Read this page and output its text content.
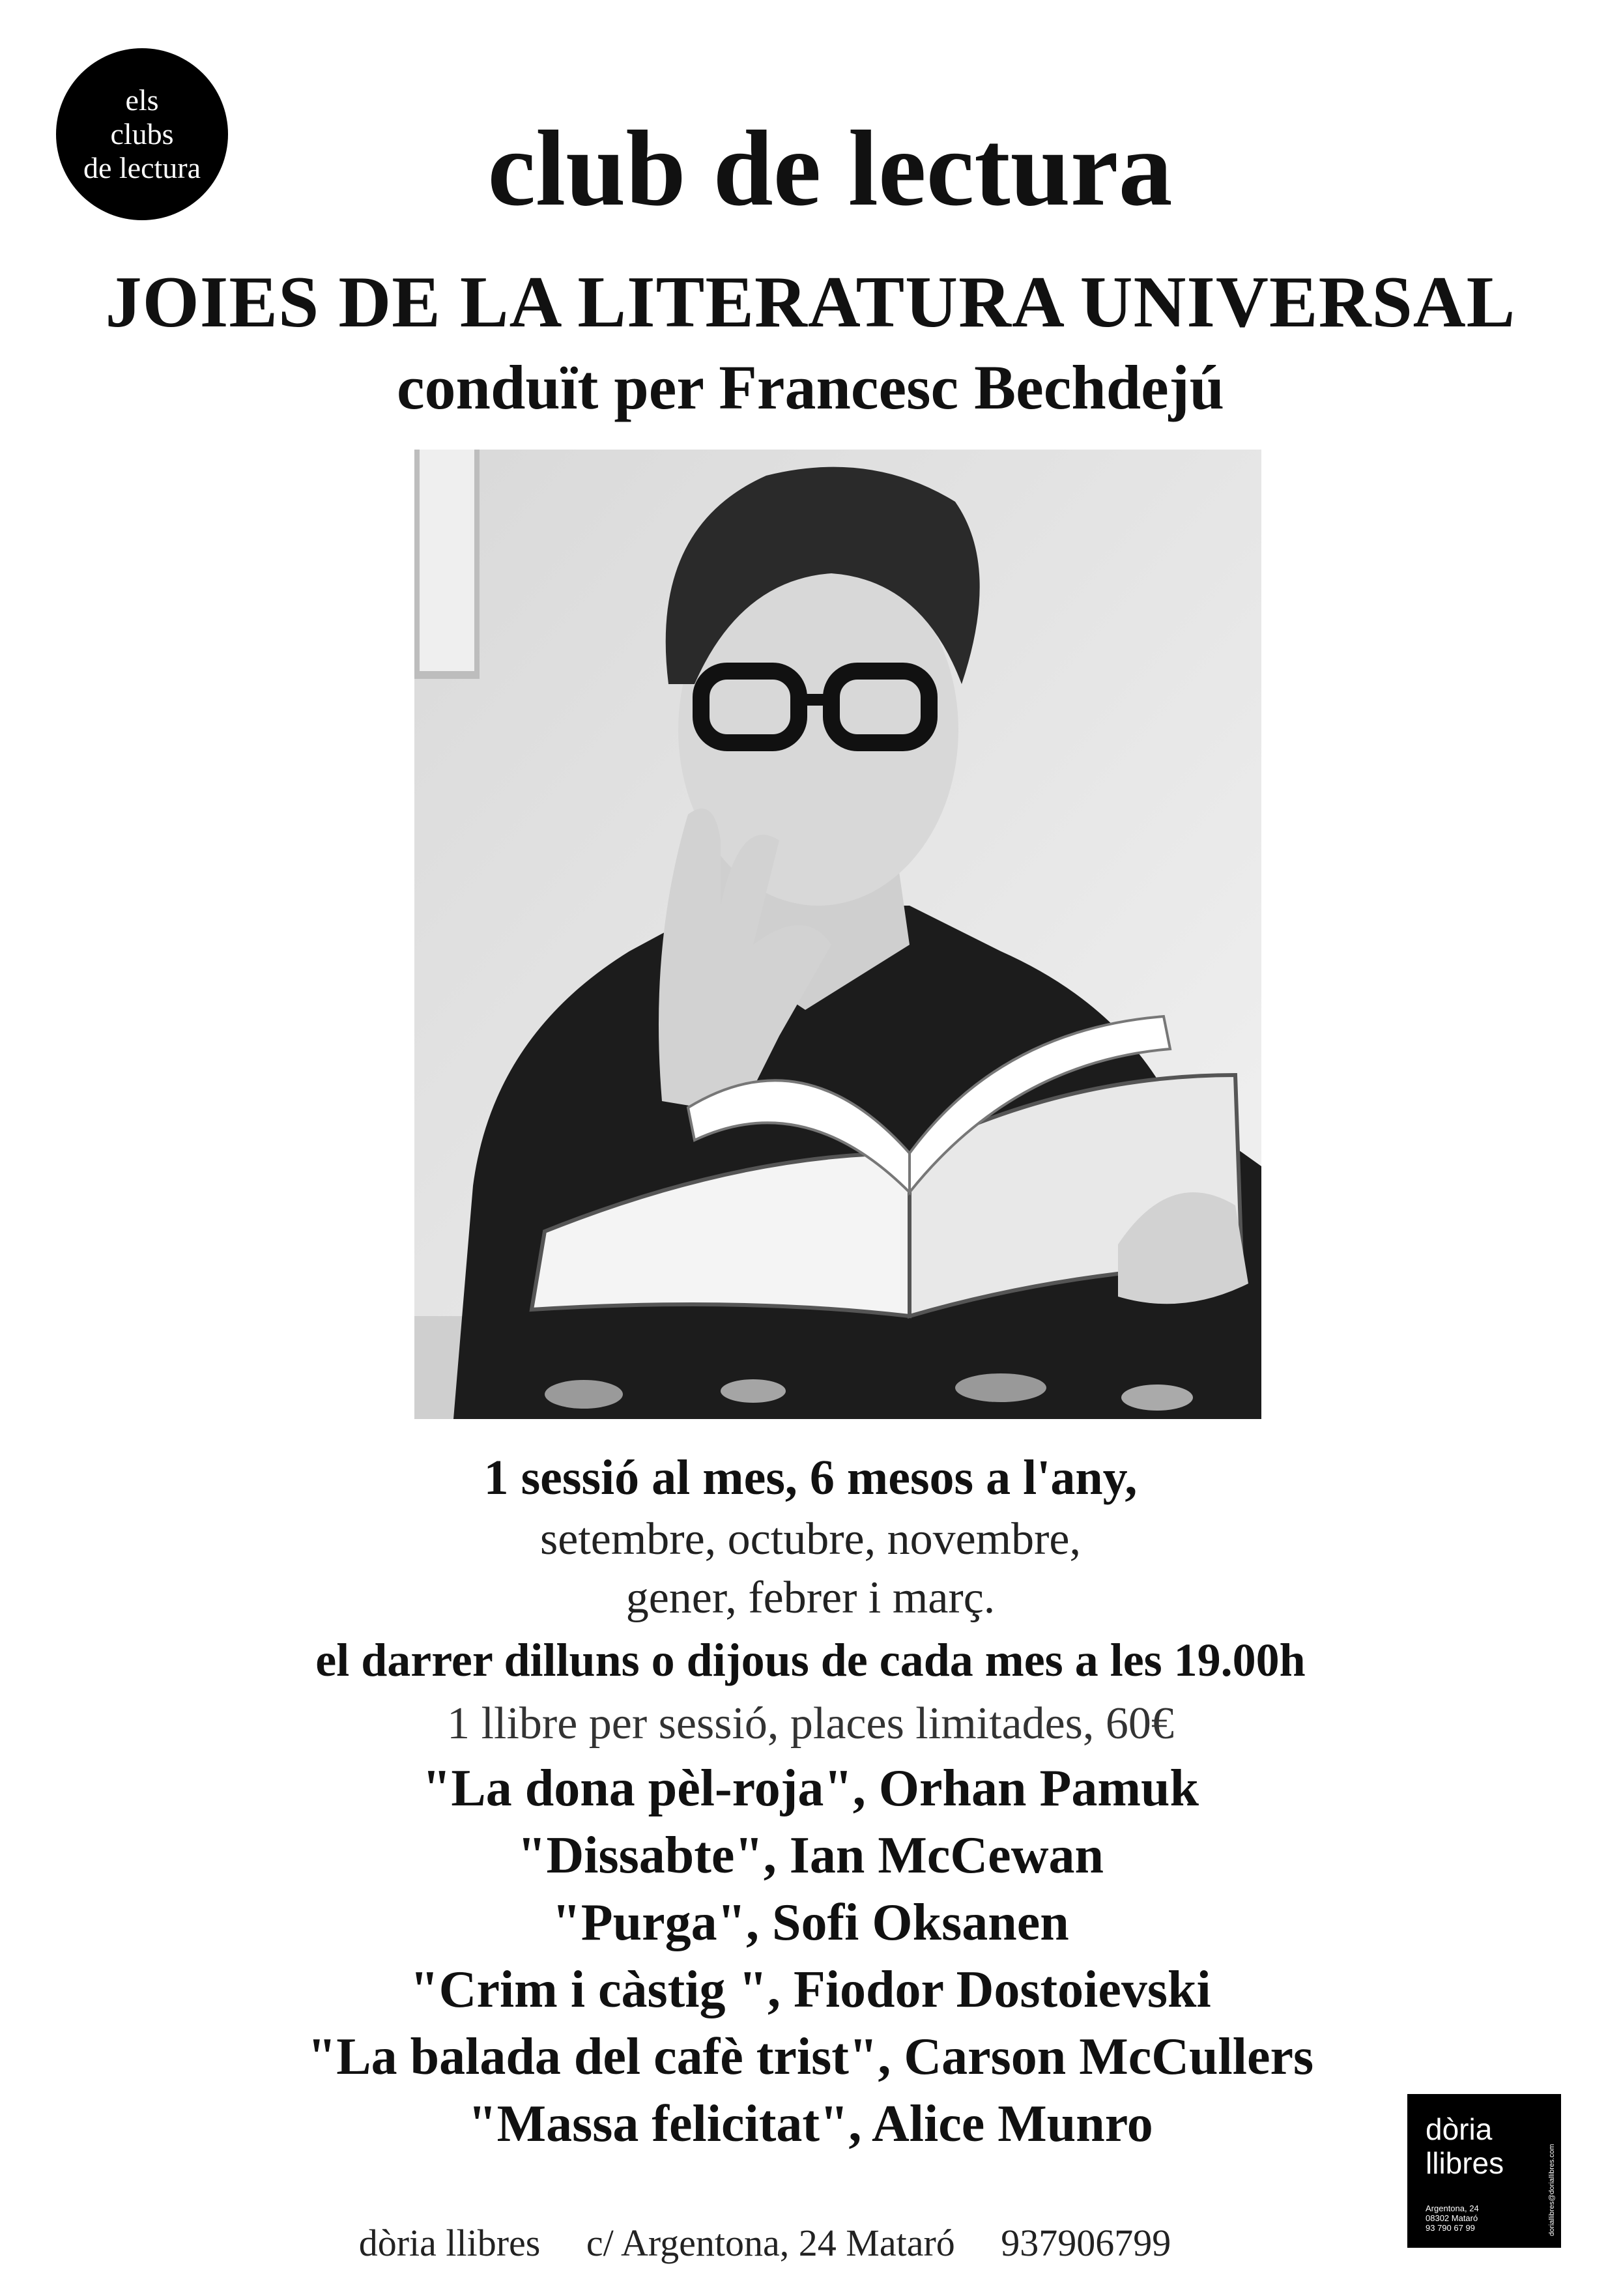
els
clubs
de lectura	club de lectura
JOIES DE LA LITERATURA UNIVERSAL
conduït per Francesc Bechdejú
1 sessió al mes, 6 mesos a l'any,
setembre, octubre, novembre,
gener, febrer i març.
el darrer dilluns o dijous de cada mes a les 19.00h
1 llibre per sessió, places limitades, 60€
"La dona pèl-roja", Orhan Pamuk
"Dissabte", Ian McCewan
"Purga", Sofi Oksanen
"Crim i càstig ", Fiodor Dostoievski
"La balada del cafè trist", Carson McCullers
"Massa felicitat", Alice Munro
dòria llibres c/ Argentona, 24 Mataró 937906799
dòria
llibres
Argentona, 24
08302 Mataró
93 790 67 99	doriallibres@doriallibres.com
